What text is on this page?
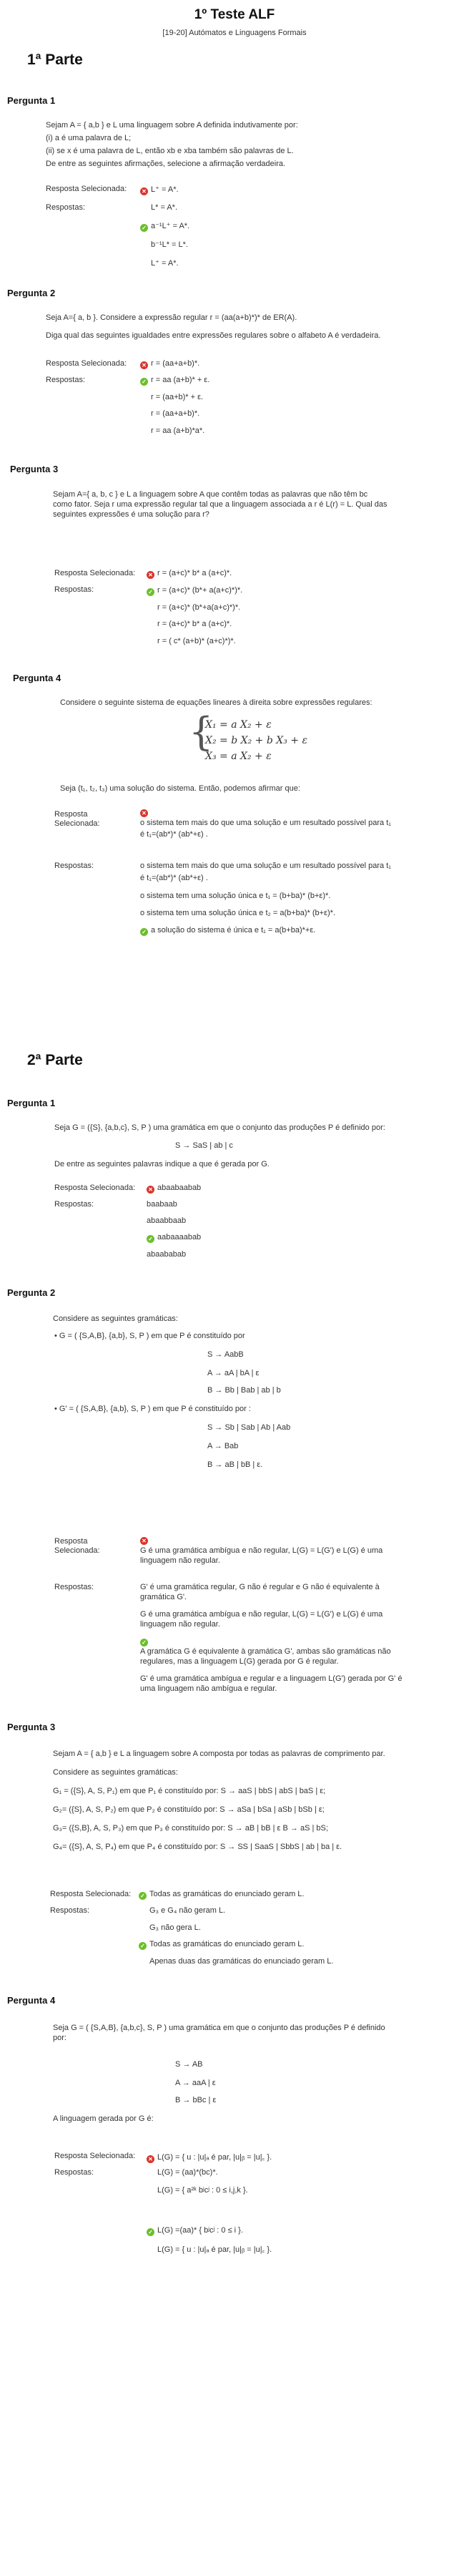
1º Teste ALF
[19-20] Autómatos e Linguagens Formais
1ª Parte
Pergunta 1
Sejam A = { a,b } e L uma linguagem sobre A definida indutivamente por:
(i) a é uma palavra de L;
(ii) se x é uma palavra de L, então xb e xba também são palavras de L.
De entre as seguintes afirmações, selecione a afirmação verdadeira.
Resposta Selecionada:	✕ L⁺ = A*.
Respostas:	L* = A*.
✓ a⁻¹L⁺ = A*.
b⁻¹L* = L*.
L⁺ = A*.
Pergunta 2
Seja A={ a, b }. Considere a expressão regular r = (aa(a+b)*)* de ER(A).
Diga qual das seguintes igualdades entre expressões regulares sobre o alfabeto A é verdadeira.
Resposta Selecionada:	✕ r = (aa+a+b)*.
Respostas:	✓ r = aa (a+b)* + ε.
r = (aa+b)* + ε.
r = (aa+a+b)*.
r = aa (a+b)*a*.
Pergunta 3
Sejam A={ a, b, c } e L a linguagem sobre A que contêm todas as palavras que não têm bc
como fator. Seja r uma expressão regular tal que a linguagem associada a r é L(r) = L. Qual das
seguintes expressões é uma solução para r?
Resposta Selecionada: ✕ r = (a+c)* b* a (a+c)*.
Respostas:	✓ r = (a+c)* (b*+ a(a+c)*)*.
r = (a+c)* (b*+a(a+c)*)*.
r = (a+c)* b* a (a+c)*.
r = ( c* (a+b)* (a+c)*)*.
Pergunta 4
Considere o seguinte sistema de equações lineares à direita sobre expressões regulares:
{
X₁ = a X₂ + ε
X₂ = b X₂ + b X₃ + ε
X₃ = a X₂ + ε
Seja (t₁, t₂, t₃) uma solução do sistema. Então, podemos afirmar que:
Resposta
Selecionada:
✕
o sistema tem mais do que uma solução e um resultado possível para t₁
é t₁=(ab*)* (ab*+ε) .
Respostas:	o sistema tem mais do que uma solução e um resultado possível para t₁
é t₁=(ab*)* (ab*+ε) .
o sistema tem uma solução única e t₁ = (b+ba)* (b+ε)*.
o sistema tem uma solução única e t₂ = a(b+ba)* (b+ε)*.
✓ a solução do sistema é única e t₁ = a(b+ba)*+ε.
2ª Parte
Pergunta 1
Seja G = ({S}, {a,b,c}, S, P ) uma gramática em que o conjunto das produções P é definido por:
S → SaS | ab | c
De entre as seguintes palavras indique a que é gerada por G.
Resposta Selecionada: ✕ abaabaabab
Respostas:	baabaab
abaabbaab
✓ aabaaaabab
abaababab
Pergunta 2
Considere as seguintes gramáticas:
• G = ( {S,A,B}, {a,b}, S, P ) em que P é constituído por
S → AabB
A → aA | bA | ε
B → Bb | Bab | ab | b
• G' = ( {S,A,B}, {a,b}, S, P ) em que P é constituído por :
S → Sb | Sab | Ab | Aab
A → Bab
B → aB | bB | ε.
Resposta
Selecionada:
✕
G é uma gramática ambígua e não regular, L(G) = L(G') e L(G) é uma
linguagem não regular.
Respostas:	G' é uma gramática regular, G não é regular e G não é equivalente à
gramática G'.
G é uma gramática ambígua e não regular, L(G) = L(G') e L(G) é uma
linguagem não regular.
✓
A gramática G é equivalente à gramática G', ambas são gramáticas não
regulares, mas a linguagem L(G) gerada por G é regular.
G' é uma gramática ambígua e regular e a linguagem L(G') gerada por G' é
uma linguagem não ambígua e regular.
Pergunta 3
Sejam A = { a,b } e L a linguagem sobre A composta por todas as palavras de comprimento par.
Considere as seguintes gramáticas:
G₁ = ({S}, A, S, P₁) em que P₁ é constituído por: S → aaS | bbS | abS | baS | ε;
G₂= ({S}, A, S, P₂) em que P₂ é constituído por: S → aSa | bSa | aSb | bSb | ε;
G₃= ({S,B}, A, S, P₃) em que P₃ é constituído por: S → aB | bB | ε B → aS | bS;
G₄= ({S}, A, S, P₄) em que P₄ é constituído por: S → SS | SaaS | SbbS | ab | ba | ε.
Resposta Selecionada: ✓ Todas as gramáticas do enunciado geram L.
Respostas:	G₃ e G₄ não geram L.
G₃ não gera L.
✓ Todas as gramáticas do enunciado geram L.
Apenas duas das gramáticas do enunciado geram L.
Pergunta 4
Seja G = ( {S,A,B}, {a,b,c}, S, P ) uma gramática em que o conjunto das produções P é definido
por:
S → AB
A → aaA | ε
B → bBc | ε
A linguagem gerada por G é:
Resposta Selecionada: ✕ L(G) = { u : |u|ₐ é par, |u|ᵦ = |u|꜀ }.
Respostas:	L(G) = (aa)*(bc)*.
L(G) = { a²ᵏ bʲcʲ : 0 ≤ i,j,k }.
✓ L(G) =(aa)* { bʲcʲ : 0 ≤ i }.
L(G) = { u : |u|ₐ é par, |u|ᵦ = |u|꜀ }.
